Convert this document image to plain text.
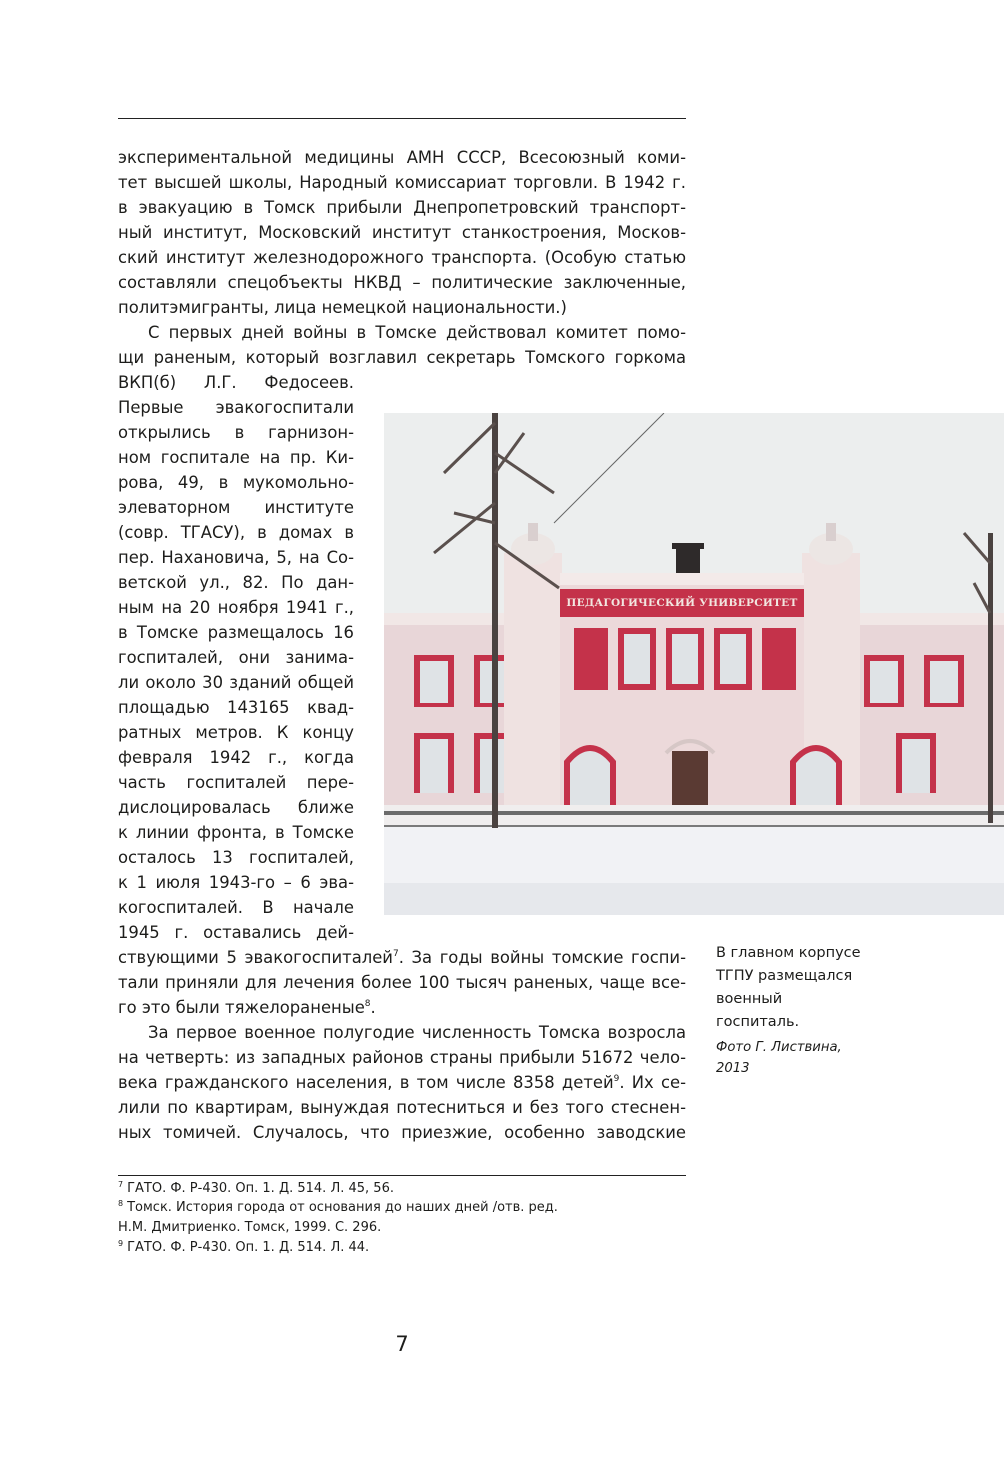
экспериментальной медицины АМН СССР, Всесоюзный коми-
тет высшей школы, Народный комиссариат торговли. В 1942 г.
в эвакуацию в Томск прибыли Днепропетровский транспорт-
ный институт, Московский институт станкостроения, Москов-
ский институт железнодорожного транспорта. (Особую статью
составляли спецобъекты НКВД – политические заключенные,
политэмигранты, лица немецкой национальности.)
С первых дней войны в Томске действовал комитет помо-
щи раненым, который возглавил секретарь Томского горкома
ВКП(б) Л.Г. Федосеев.
Первые эвакогоспитали
открылись в гарнизон-
ном госпитале на пр. Ки-
рова, 49, в мукомольно-
элеваторном институте
(совр. ТГАСУ), в домах в
пер. Нахановича, 5, на Со-
ветской ул., 82. По дан-
ным на 20 ноября 1941 г.,
в Томске размещалось 16
госпиталей, они занима-
ли около 30 зданий общей
площадью 143165 квад-
ратных метров. К концу
февраля 1942 г., когда
часть госпиталей пере-
дислоцировалась ближе
к линии фронта, в Томске
осталось 13 госпиталей,
к 1 июля 1943-го – 6 эва-
когоспиталей. В начале
1945 г. оставались дей-
ствующими 5 эвакогоспиталей$^7$. За годы войны томские госпи-
тали приняли для лечения более 100 тысяч раненых, чаще все-
го это были тяжелораненые$^8$.
За первое военное полугодие численность Томска возросла
на четверть: из западных районов страны прибыли 51672 чело-
века гражданского населения, в том числе 8358 детей$^9$. Их се-
лили по квартирам, вынуждая потесниться и без того стеснен-
ных томичей. Случалось, что приезжие, особенно заводские
ПЕДАГОГИЧЕСКИЙ УНИВЕРСИТЕТ
В главном корпусе
ТГПУ размещался
военный
госпиталь.
Фото Г. Листвина,
2013
$^7$ ГАТО. Ф. Р-430. Оп. 1. Д. 514. Л. 45, 56.
$^8$ Томск. История города от основания до наших дней /отв. ред.
Н.М. Дмитриенко. Томск, 1999. С. 296.
$^9$ ГАТО. Ф. Р-430. Оп. 1. Д. 514. Л. 44.
7
